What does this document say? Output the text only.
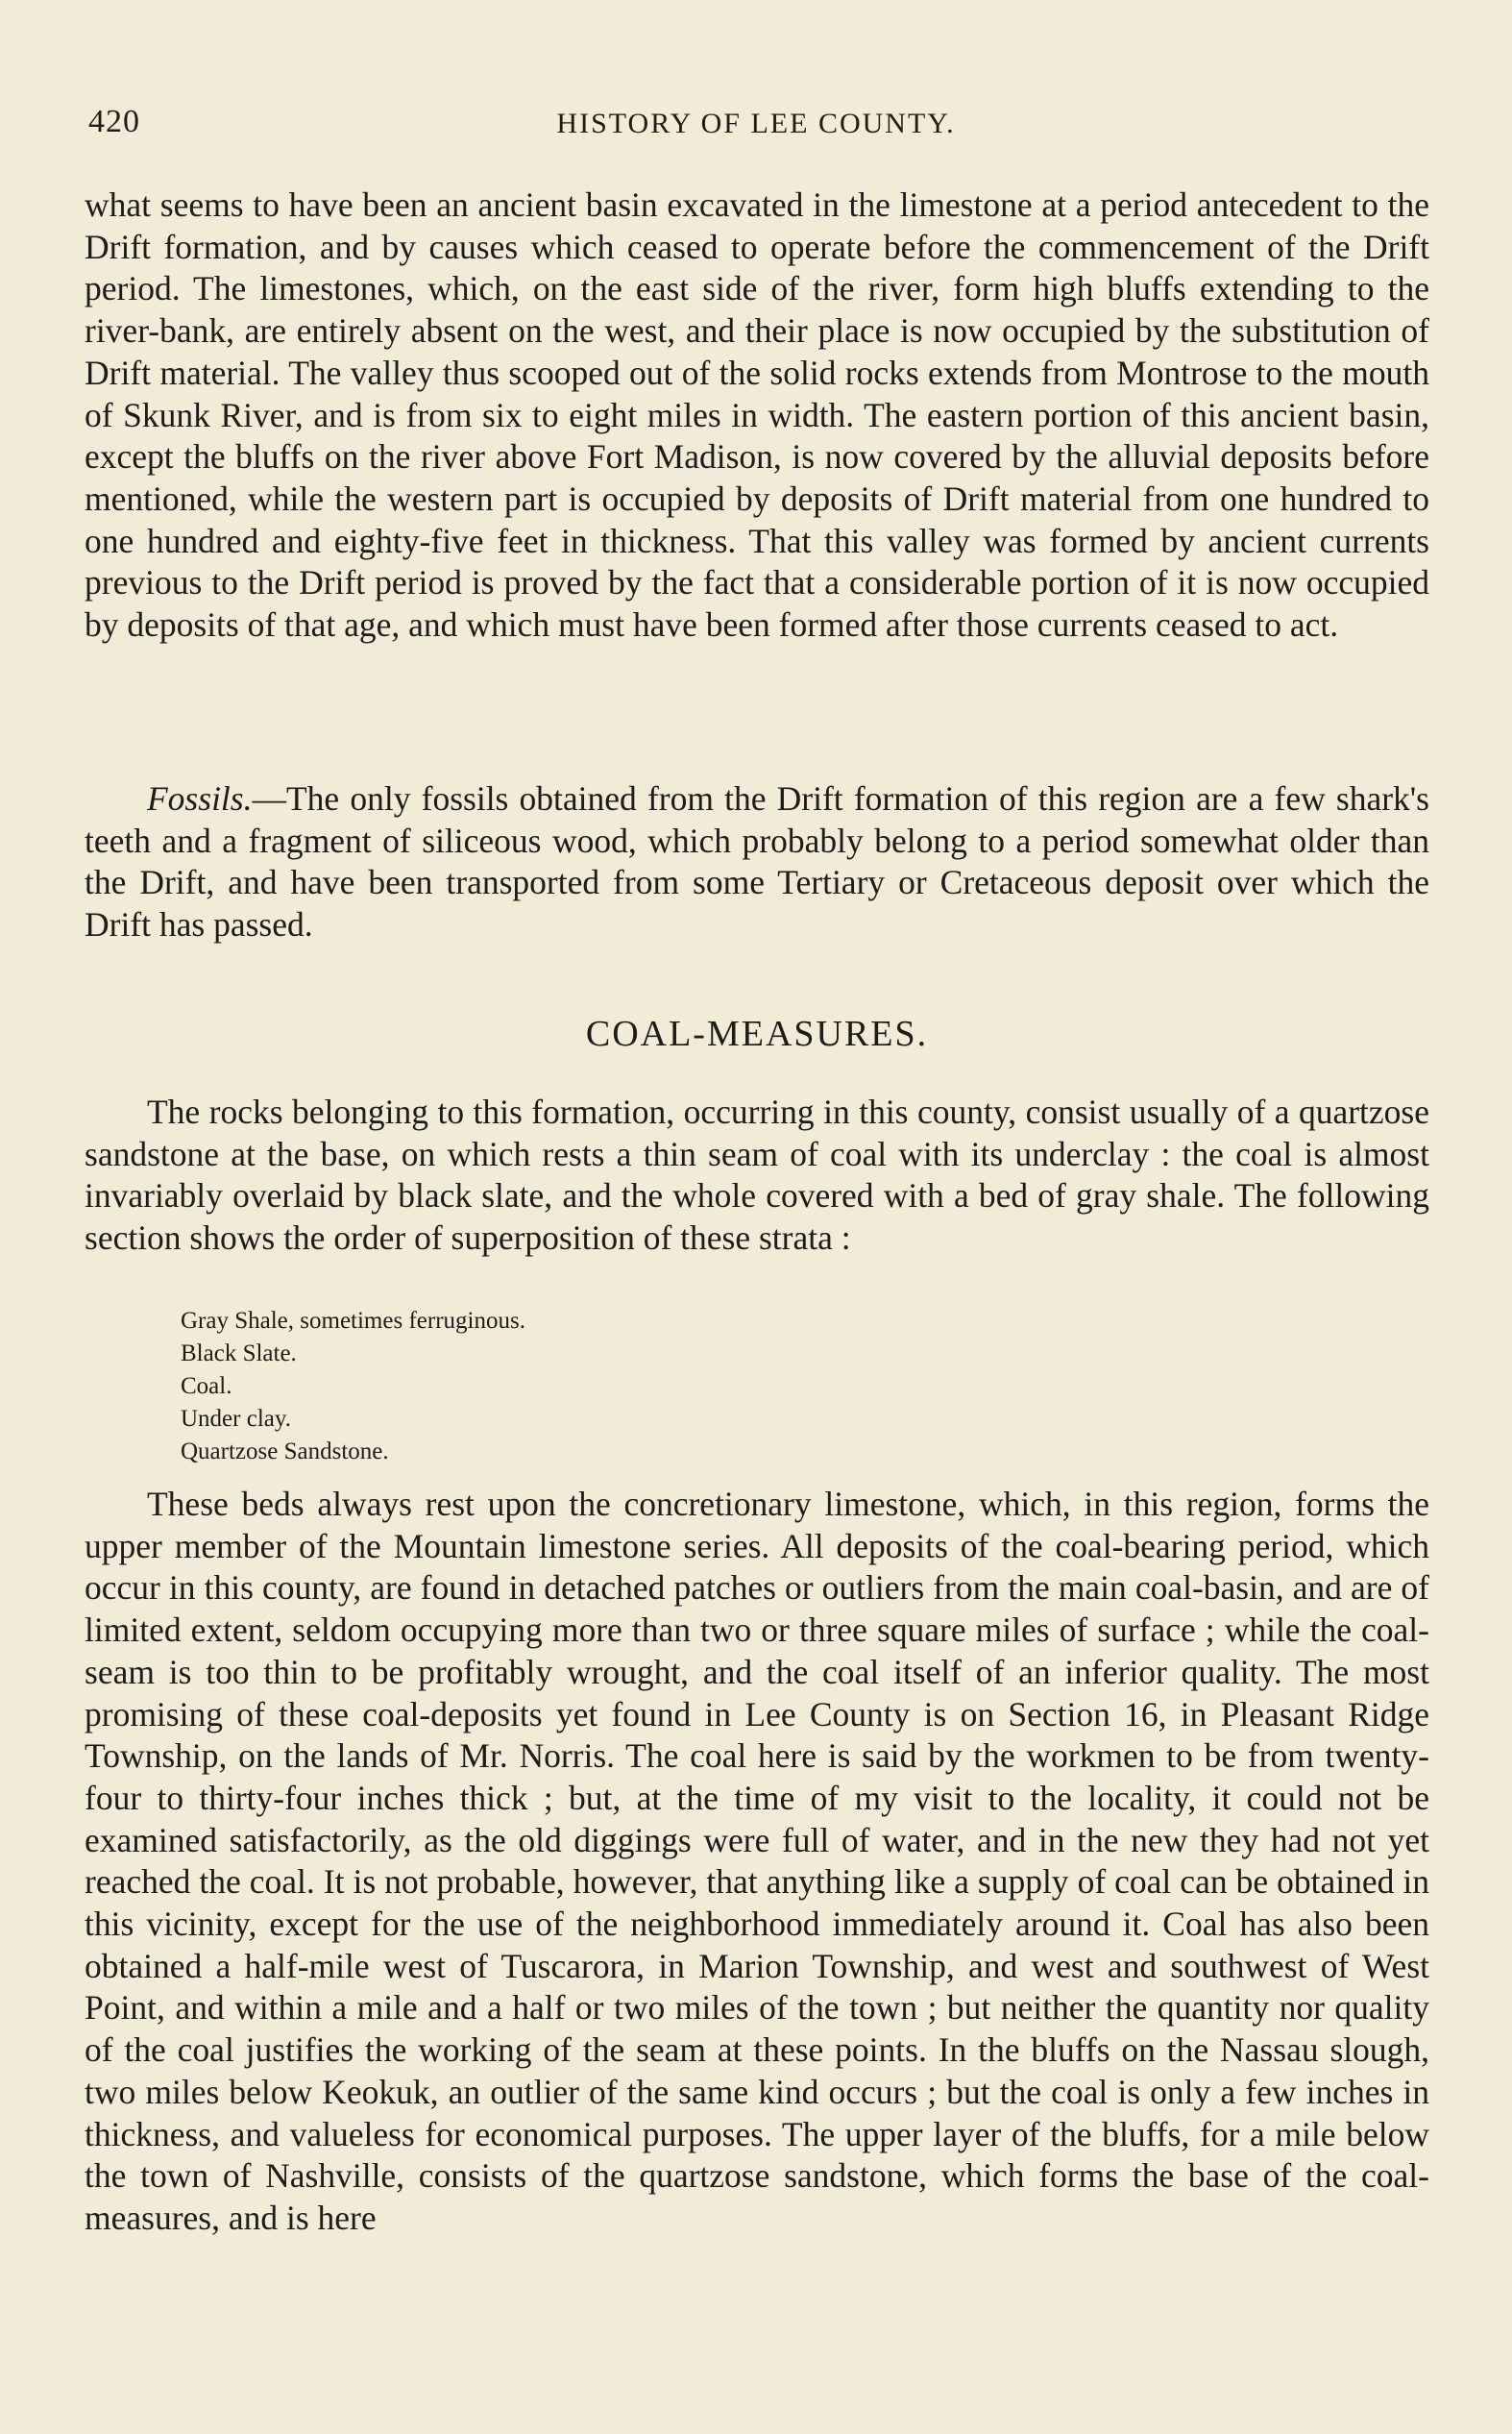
420	HISTORY OF LEE COUNTY.

what seems to have been an ancient basin excavated in the limestone at a period antecedent to the Drift formation, and by causes which ceased to operate before the commencement of the Drift period. The limestones, which, on the east side of the river, form high bluffs extending to the river-bank, are entirely absent on the west, and their place is now occupied by the substitution of Drift material. The valley thus scooped out of the solid rocks extends from Montrose to the mouth of Skunk River, and is from six to eight miles in width. The eastern portion of this ancient basin, except the bluffs on the river above Fort Madison, is now covered by the alluvial deposits before mentioned, while the western part is occupied by deposits of Drift material from one hundred to one hundred and eighty-five feet in thickness. That this valley was formed by ancient currents previous to the Drift period is proved by the fact that a considerable portion of it is now occupied by deposits of that age, and which must have been formed after those currents ceased to act.

Fossils.—The only fossils obtained from the Drift formation of this region are a few shark's teeth and a fragment of siliceous wood, which probably belong to a period somewhat older than the Drift, and have been transported from some Tertiary or Cretaceous deposit over which the Drift has passed.

COAL-MEASURES.

The rocks belonging to this formation, occurring in this county, consist usually of a quartzose sandstone at the base, on which rests a thin seam of coal with its underclay : the coal is almost invariably overlaid by black slate, and the whole covered with a bed of gray shale. The following section shows the order of superposition of these strata :

Gray Shale, sometimes ferruginous.
Black Slate.
Coal.
Under clay.
Quartzose Sandstone.

These beds always rest upon the concretionary limestone, which, in this region, forms the upper member of the Mountain limestone series. All deposits of the coal-bearing period, which occur in this county, are found in detached patches or outliers from the main coal-basin, and are of limited extent, seldom occupying more than two or three square miles of surface ; while the coal-seam is too thin to be profitably wrought, and the coal itself of an inferior quality. The most promising of these coal-deposits yet found in Lee County is on Section 16, in Pleasant Ridge Township, on the lands of Mr. Norris. The coal here is said by the workmen to be from twenty-four to thirty-four inches thick ; but, at the time of my visit to the locality, it could not be examined satisfactorily, as the old diggings were full of water, and in the new they had not yet reached the coal. It is not probable, however, that anything like a supply of coal can be obtained in this vicinity, except for the use of the neighborhood immediately around it. Coal has also been obtained a half-mile west of Tuscarora, in Marion Township, and west and southwest of West Point, and within a mile and a half or two miles of the town ; but neither the quantity nor quality of the coal justifies the working of the seam at these points. In the bluffs on the Nassau slough, two miles below Keokuk, an outlier of the same kind occurs ; but the coal is only a few inches in thickness, and valueless for economical purposes. The upper layer of the bluffs, for a mile below the town of Nashville, consists of the quartzose sandstone, which forms the base of the coal-measures, and is here
